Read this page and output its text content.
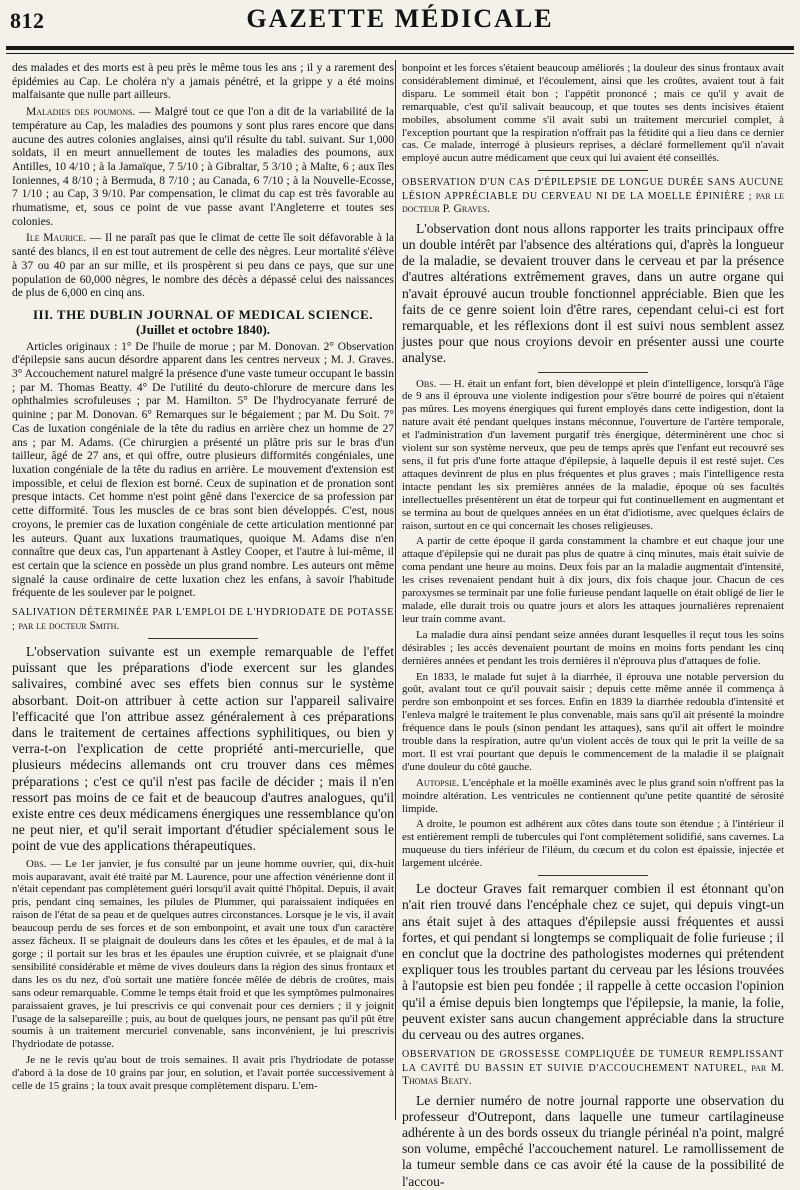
812	GAZETTE MÉDICALE

des malades et des morts est à peu près le même tous les ans ; il y a rarement des épidémies au Cap. Le choléra n'y a jamais pénétré, et la grippe y a été moins malfaisante que nulle part ailleurs.

Maladies des poumons. — Malgré tout ce que l'on a dit de la variabilité de la température au Cap, les maladies des poumons y sont plus rares encore que dans aucune des autres colonies anglaises, ainsi qu'il résulte du tabl. suivant. Sur 1,000 soldats, il en meurt annuellement de toutes les maladies des poumons, aux Antilles, 10 4/10 ; à la Jamaïque, 7 5/10 ; à Gibraltar, 5 3/10 ; à Malte, 6 ; aux îles Ioniennes, 4 8/10 ; à Bermuda, 8 7/10 ; au Canada, 6 7/10 ; à la Nouvelle-Ecosse, 7 1/10 ; au Cap, 3 9/10. Par compensation, le climat du cap est très favorable au rhumatisme, et, sous ce point de vue passe avant l'Angleterre et toutes ses colonies.

Ile Maurice. — Il ne paraît pas que le climat de cette île soit défavorable à la santé des blancs, il en est tout autrement de celle des nègres. Leur mortalité s'élève à 37 ou 40 par an sur mille, et ils prospèrent si peu dans ce pays, que sur une population de 60,000 nègres, le nombre des décès a dépassé celui des naissances de plus de 6,000 en cinq ans.

III. THE DUBLIN JOURNAL OF MEDICAL SCIENCE.
(Juillet et octobre 1840).

Articles originaux : 1° De l'huile de morue ; par M. Donovan. 2° Observation d'épilepsie sans aucun désordre apparent dans les centres nerveux ; M. J. Graves. 3° Accouchement naturel malgré la présence d'une vaste tumeur occupant le bassin ; par M. Thomas Beatty. 4° De l'utilité du deuto-chlorure de mercure dans les ophthalmies scrofuleuses ; par M. Hamilton. 5° De l'hydrocyanate ferruré de quinine ; par M. Donovan. 6° Remarques sur le bégaiement ; par M. Du Soit. 7° Cas de luxation congéniale de la tête du radius en arrière chez un homme de 27 ans ; par M. Adams. (Ce chirurgien a présenté un plâtre pris sur le bras d'un tailleur, âgé de 27 ans, et qui offre, outre plusieurs difformités congéniales, une luxation congéniale de la tête du radius en arrière. Le mouvement d'extension est impossible, et celui de flexion est borné. Ceux de supination et de pronation sont presque intacts. Cet homme n'est point gêné dans l'exercice de sa profession par cette difformité. Tous les muscles de ce bras sont bien développés. C'est, nous croyons, le premier cas de luxation congéniale de cette articulation mentionné par les auteurs. Quant aux luxations traumatiques, quoique M. Adams dise n'en connaître que deux cas, l'un appartenant à Astley Cooper, et l'autre à lui-même, il est certain que la science en possède un plus grand nombre. Les auteurs ont même signalé la cause ordinaire de cette luxation chez les enfans, à savoir l'habitude fréquente de les soulever par le poignet.

SALIVATION DÉTERMINÉE PAR L'EMPLOI DE L'HYDRIODATE DE POTASSE ; par le docteur Smith.

L'observation suivante est un exemple remarquable de l'effet puissant que les préparations d'iode exercent sur les glandes salivaires, combiné avec ses effets bien connus sur le système absorbant. Doit-on attribuer à cette action sur l'appareil salivaire l'efficacité que l'on attribue assez généralement à ces préparations dans le traitement de certaines affections syphilitiques, ou bien y verra-t-on l'explication de cette propriété anti-mercurielle, que plusieurs médecins allemands ont cru trouver dans ces mêmes préparations ; c'est ce qu'il n'est pas facile de décider ; mais il n'en ressort pas moins de ce fait et de beaucoup d'autres analogues, qu'il existe entre ces deux médicamens énergiques une ressemblance qu'on ne peut nier, et qu'il serait important d'étudier spécialement sous le point de vue des applications thérapeutiques.

Obs. — Le 1er janvier, je fus consulté par un jeune homme ouvrier, qui, dix-huit mois auparavant, avait été traité par M. Laurence, pour une affection vénérienne dont il n'était cependant pas complètement guéri lorsqu'il avait quitté l'hôpital. Depuis, il avait pris, pendant cinq semaines, les pilules de Plummer, qui paraissaient indiquées en raison de l'état de sa peau et de quelques autres circonstances. Lorsque je le vis, il avait beaucoup perdu de ses forces et de son embonpoint, et avait une toux d'un caractère assez fâcheux. Il se plaignait de douleurs dans les côtes et les épaules, et de mal à la gorge ; il portait sur les bras et les épaules une éruption cuivrée, et se plaignait d'une sensibilité considérable et même de vives douleurs dans la région des sinus frontaux et dans les os du nez, d'où sortait une matière foncée mêlée de débris de croûtes, mais sans odeur remarquable. Comme le temps était froid et que les symptômes pulmonaires paraissaient graves, je lui prescrivis ce qui convenait pour ces derniers ; il y joignit l'usage de la salsepareille ; puis, au bout de quelques jours, ne pensant pas qu'il pût être soumis à un traitement mercuriel convenable, sans inconvénient, je lui prescrivis l'hydriodate de potasse.

Je ne le revis qu'au bout de trois semaines. Il avait pris l'hydriodate de potasse d'abord à la dose de 10 grains par jour, en solution, et l'avait portée successivement à celle de 15 grains ; la toux avait presque complètement disparu. L'em-

bonpoint et les forces s'étaient beaucoup améliorés ; la douleur des sinus frontaux avait considérablement diminué, et l'écoulement, ainsi que les croûtes, avaient tout à fait disparu. Le sommeil était bon ; l'appétit prononcé ; mais ce qu'il y avait de remarquable, c'est qu'il salivait beaucoup, et que toutes ses dents incisives étaient mobiles, absolument comme s'il avait subi un traitement mercuriel complet, à l'exception pourtant que la respiration n'offrait pas la fétidité qui a lieu dans ce dernier cas. Ce malade, interrogé à plusieurs reprises, a déclaré formellement qu'il n'avait employé aucun autre médicament que ceux qui lui avaient été conseillés.

OBSERVATION D'UN CAS D'ÉPILEPSIE DE LONGUE DURÉE SANS AUCUNE LÉSION APPRÉCIABLE DU CERVEAU NI DE LA MOELLE ÉPINIÈRE ; par le docteur P. Graves.

L'observation dont nous allons rapporter les traits principaux offre un double intérêt par l'absence des altérations qui, d'après la longueur de la maladie, se devaient trouver dans le cerveau et par la présence d'autres altérations extrêmement graves, dans un autre organe qui n'avait éprouvé aucun trouble fonctionnel appréciable. Bien que les faits de ce genre soient loin d'être rares, cependant celui-ci est fort remarquable, et les réflexions dont il est suivi nous semblent assez justes pour que nous croyions devoir en présenter aussi une courte analyse.

Obs. — H. était un enfant fort, bien développé et plein d'intelligence, lorsqu'à l'âge de 9 ans il éprouva une violente indigestion pour s'être bourré de poires qui n'étaient pas mûres. Les moyens énergiques qui furent employés dans cette indigestion, dont la nature avait été pendant quelques instans méconnue, l'ouverture de l'artère temporale, et l'administration d'un lavement purgatif très énergique, déterminèrent une choc si violent sur son système nerveux, que peu de temps après que l'enfant eut recouvré ses sens, il fut pris d'une forte attaque d'épilepsie, à laquelle depuis il est resté sujet. Ces attaques devinrent de plus en plus fréquentes et plus graves ; mais l'intelligence resta intacte pendant les six premières années de la maladie, époque où ses facultés intellectuelles présentèrent un état de torpeur qui fut continuellement en augmentant et se termina au bout de quelques années en un état d'idiotisme, avec quelques éclairs de raison, surtout en ce qui concernait les choses religieuses.

A partir de cette époque il garda constamment la chambre et eut chaque jour une attaque d'épilepsie qui ne durait pas plus de quatre à cinq minutes, mais était suivie de coma pendant une heure au moins. Deux fois par an la maladie augmentait d'intensité, les crises revenaient pendant huit à dix jours, dix fois chaque jour. Chacun de ces paroxysmes se terminait par une folie furieuse pendant laquelle on était obligé de lier le malade, elle durait trois ou quatre jours et alors les attaques journalières reprenaient leur train comme avant.

La maladie dura ainsi pendant seize années durant lesquelles il reçut tous les soins désirables ; les accès devenaient pourtant de moins en moins forts pendant les cinq dernières années et pendant les trois dernières il n'éprouva plus d'attaques de folie.

En 1833, le malade fut sujet à la diarrhée, il éprouva une notable perversion du goût, avalant tout ce qu'il pouvait saisir ; depuis cette même année il commença à perdre son embonpoint et ses forces. Enfin en 1839 la diarrhée redoubla d'intensité et l'enleva malgré le traitement le plus convenable, mais sans qu'il ait présenté la moindre fréquence dans le pouls (sinon pendant les attaques), sans qu'il ait offert le moindre trouble dans la respiration, autre qu'un violent accès de toux qui le prit la veille de sa mort. Il est vrai pourtant que depuis le commencement de la maladie il se plaignait d'une douleur du côté gauche.

Autopsie. L'encéphale et la moëlle examinés avec le plus grand soin n'offrent pas la moindre altération. Les ventricules ne contiennent qu'une petite quantité de sérosité limpide.

A droite, le poumon est adhérent aux côtes dans toute son étendue ; à l'intérieur il est entièrement rempli de tubercules qui l'ont complètement solidifié, sans cavernes. La muqueuse du tiers inférieur de l'iléum, du cœcum et du colon est épaissie, injectée et largement ulcérée.

Le docteur Graves fait remarquer combien il est étonnant qu'on n'ait rien trouvé dans l'encéphale chez ce sujet, qui depuis vingt-un ans était sujet à des attaques d'épilepsie aussi fréquentes et aussi fortes, et qui pendant si longtemps se compliquait de folie furieuse ; il en conclut que la doctrine des pathologistes modernes qui prétendent expliquer tous les troubles partant du cerveau par les lésions trouvées à l'autopsie est bien peu fondée ; il rappelle à cette occasion l'opinion qu'il a émise depuis bien longtemps que l'épilepsie, la manie, la folie, peuvent exister sans aucun changement appréciable dans la structure du cerveau ou des autres organes.

OBSERVATION DE GROSSESSE COMPLIQUÉE DE TUMEUR REMPLISSANT LA CAVITÉ DU BASSIN ET SUIVIE D'ACCOUCHEMENT NATUREL, par M. Thomas Beaty.

Le dernier numéro de notre journal rapporte une observation du professeur d'Outrepont, dans laquelle une tumeur cartilagineuse adhérente à un des bords osseux du triangle périnéal n'a point, malgré son volume, empêché l'accouchement naturel. Le ramollissement de la tumeur semble dans ce cas avoir été la cause de la possibilité de l'accou-
